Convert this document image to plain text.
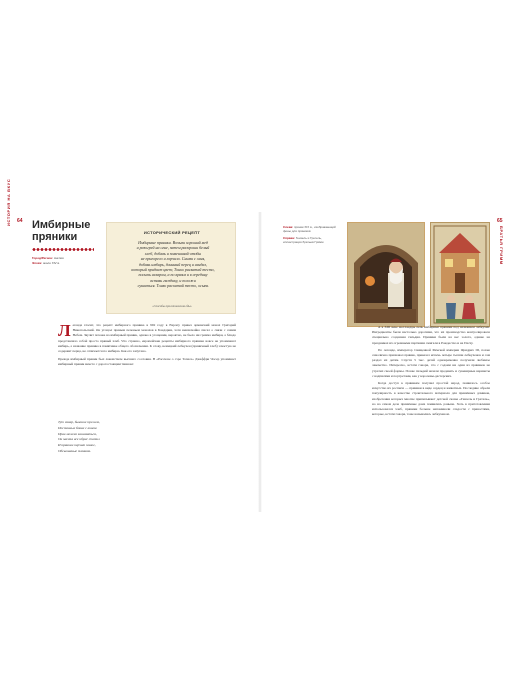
ИСТОРИЯ НА ВКУС 64
БРАТЬЯ ГРИММ
65
Имбирные
пряники
Город/Регион: Англия
Эпоха: около XIV в.
ИСТОРИЧЕСКИЙ РЕЦЕПТ
Имбирные пряники. Возьми хороший мед
и разогрей на огне, затем раскроши белый
хлеб, добавь и помешивай чтобы
не пригорело и горчило. Сними с огня,
добавь имбирь, длинный перец и сандал,
который придаст цвет; Тонко раскатай тесто,
посыпь сахаром, а по краям и в середину
вставь гвоздику, и положи
сушиться. Тонко раскатай тесто, осыпь
«Способы приготовления еды»

Легенда гласит, что рецепт имбирного пряника в 992 году в Европу привез армянский монах Григорий Никопольский. Он угощал пряным печеньем монахов в Бондарии, хотя невзначайно писал о связи с самим Небом. Звучит похоже на имбирный пряник, однако в угощении, вероятно, не было ни грамма имбиря, а блюдо представляло собой просто пряный хлеб. Что странно, европейские рецепты имбирного пряника вовсе не упоминают имбирь, а название пряника в памятнике общего обозначения. К слову, немецкий лебкухен (пряничный хлеб) зачастую не содержит перца, не отличается по имбирю. Как его запутано.

Прежде имбирный пряник был лакомством высшего сословия. В «Рассказе о сэре Топасе» Джеффри Чосер упоминает имбирный пряник вместе с дорогостоящим тмином:

Тут сахар, бывших при нем,
Постоялых боках с вином
Прав можно заниматься,
Он мачта все ибрис спатил
И пряники перчат помог,
Обсыпанные тмином.
Слева: пряник XIX в., изображающий фоны для пряников
Справа: Гензель и Гретель, иллюстрация братьев Гримм

А в XIII веке шотландцы печь имбирные пряники под названием лебкухен. Ингредиенты были настолько дорогими, что их производство контролировала специально созданная гильдия. Пряники были на вес золота, однако на праздниках их огромными партиями сжигали в Рождество и на Пасху.

По легенде, император Священной Римской империи Фридрих III, позже самолично признавал пряник, приказал испечь четыре тысячи лебкухенов и сам раздал их детям. Спустя 5 тыс. детей одновременно получили любимое лакомство. Интересно, кстати говоря, что с годами ни один из пряников не утратил своей формы. Позже гильдий начали продавать и сувенирные варианты с надписями и портретами, как у королевы-дастерских.

Когда доступ к пряникам получил простой народ, появилось особое искусство их росписи — пряники в виде сердец и животных. Последние обрели популярность в качестве строительного материала для пряничных домиков, изобретения которых многие приписывают детской сказке «Гензель и Гретель», но на самом деле пряничные дома появились раньше. Хоть в приготовлении использовался хлеб, пряники больше напоминали сладости с пряностями, которые, кстати говоря, тоже назывались лебкухеном.
